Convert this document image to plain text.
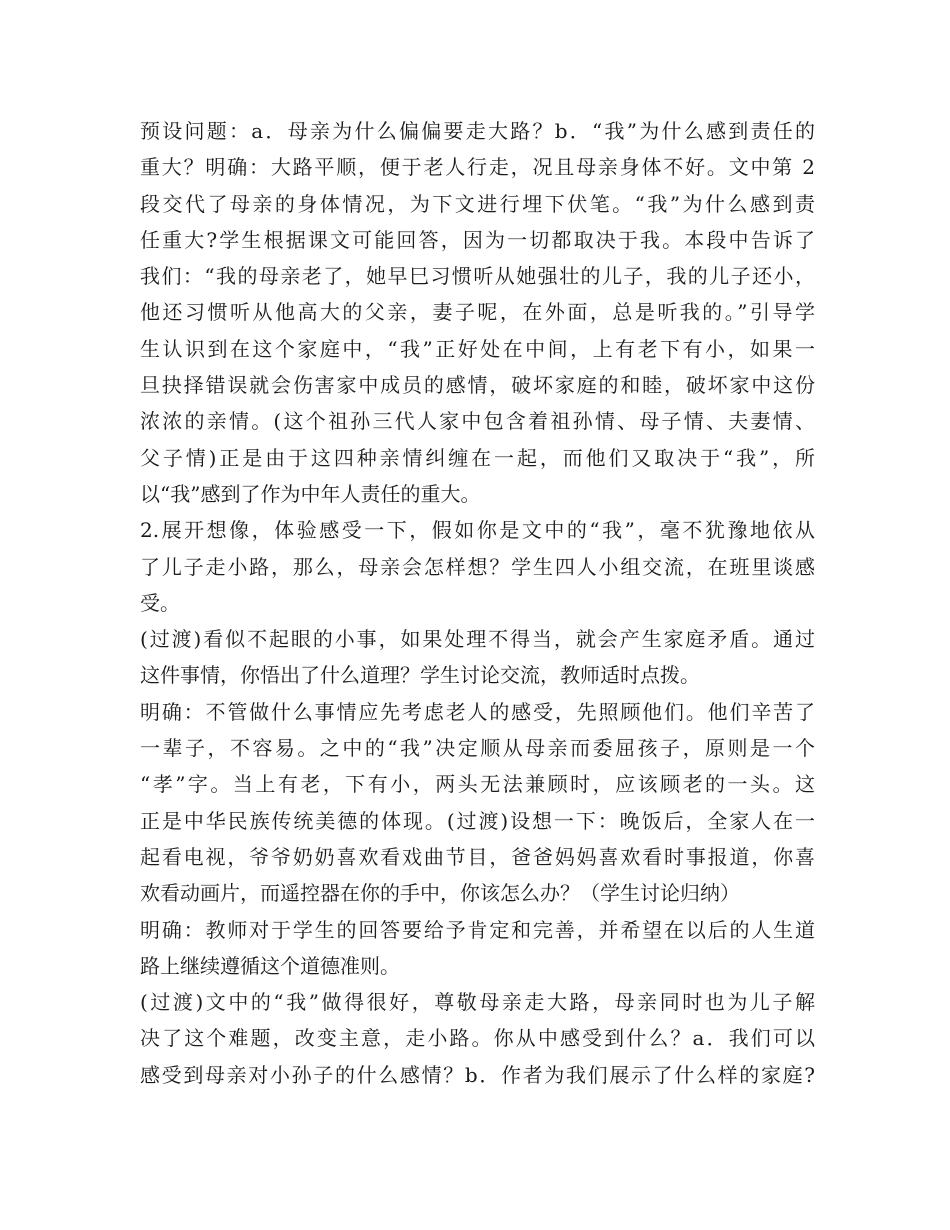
预设问题：a．母亲为什么偏偏要走大路？b．“我”为什么感到责任的
重大？明确：大路平顺，便于老人行走，况且母亲身体不好。文中第 2
段交代了母亲的身体情况，为下文进行埋下伏笔。“我”为什么感到责
任重大?学生根据课文可能回答，因为一切都取决于我。本段中告诉了
我们：“我的母亲老了，她早巳习惯听从她强壮的儿子，我的儿子还小，
他还习惯听从他高大的父亲，妻子呢，在外面，总是听我的。”引导学
生认识到在这个家庭中，“我”正好处在中间，上有老下有小，如果一
旦抉择错误就会伤害家中成员的感情，破坏家庭的和睦，破坏家中这份
浓浓的亲情。(这个祖孙三代人家中包含着祖孙情、母子情、夫妻情、
父子情)正是由于这四种亲情纠缠在一起，而他们又取决于“我”，所
以“我”感到了作为中年人责任的重大。
2.展开想像，体验感受一下，假如你是文中的“我”，毫不犹豫地依从
了儿子走小路，那么，母亲会怎样想？学生四人小组交流，在班里谈感
受。
(过渡)看似不起眼的小事，如果处理不得当，就会产生家庭矛盾。通过
这件事情，你悟出了什么道理？学生讨论交流，教师适时点拨。
明确：不管做什么事情应先考虑老人的感受，先照顾他们。他们辛苦了
一辈子，不容易。之中的“我”决定顺从母亲而委屈孩子，原则是一个
“孝”字。当上有老，下有小，两头无法兼顾时，应该顾老的一头。这
正是中华民族传统美德的体现。(过渡)设想一下：晚饭后，全家人在一
起看电视，爷爷奶奶喜欢看戏曲节目，爸爸妈妈喜欢看时事报道，你喜
欢看动画片，而遥控器在你的手中，你该怎么办？（学生讨论归纳）
明确：教师对于学生的回答要给予肯定和完善，并希望在以后的人生道
路上继续遵循这个道德准则。
(过渡)文中的“我”做得很好，尊敬母亲走大路，母亲同时也为儿子解
决了这个难题，改变主意，走小路。你从中感受到什么？a．我们可以
感受到母亲对小孙子的什么感情？b．作者为我们展示了什么样的家庭?
